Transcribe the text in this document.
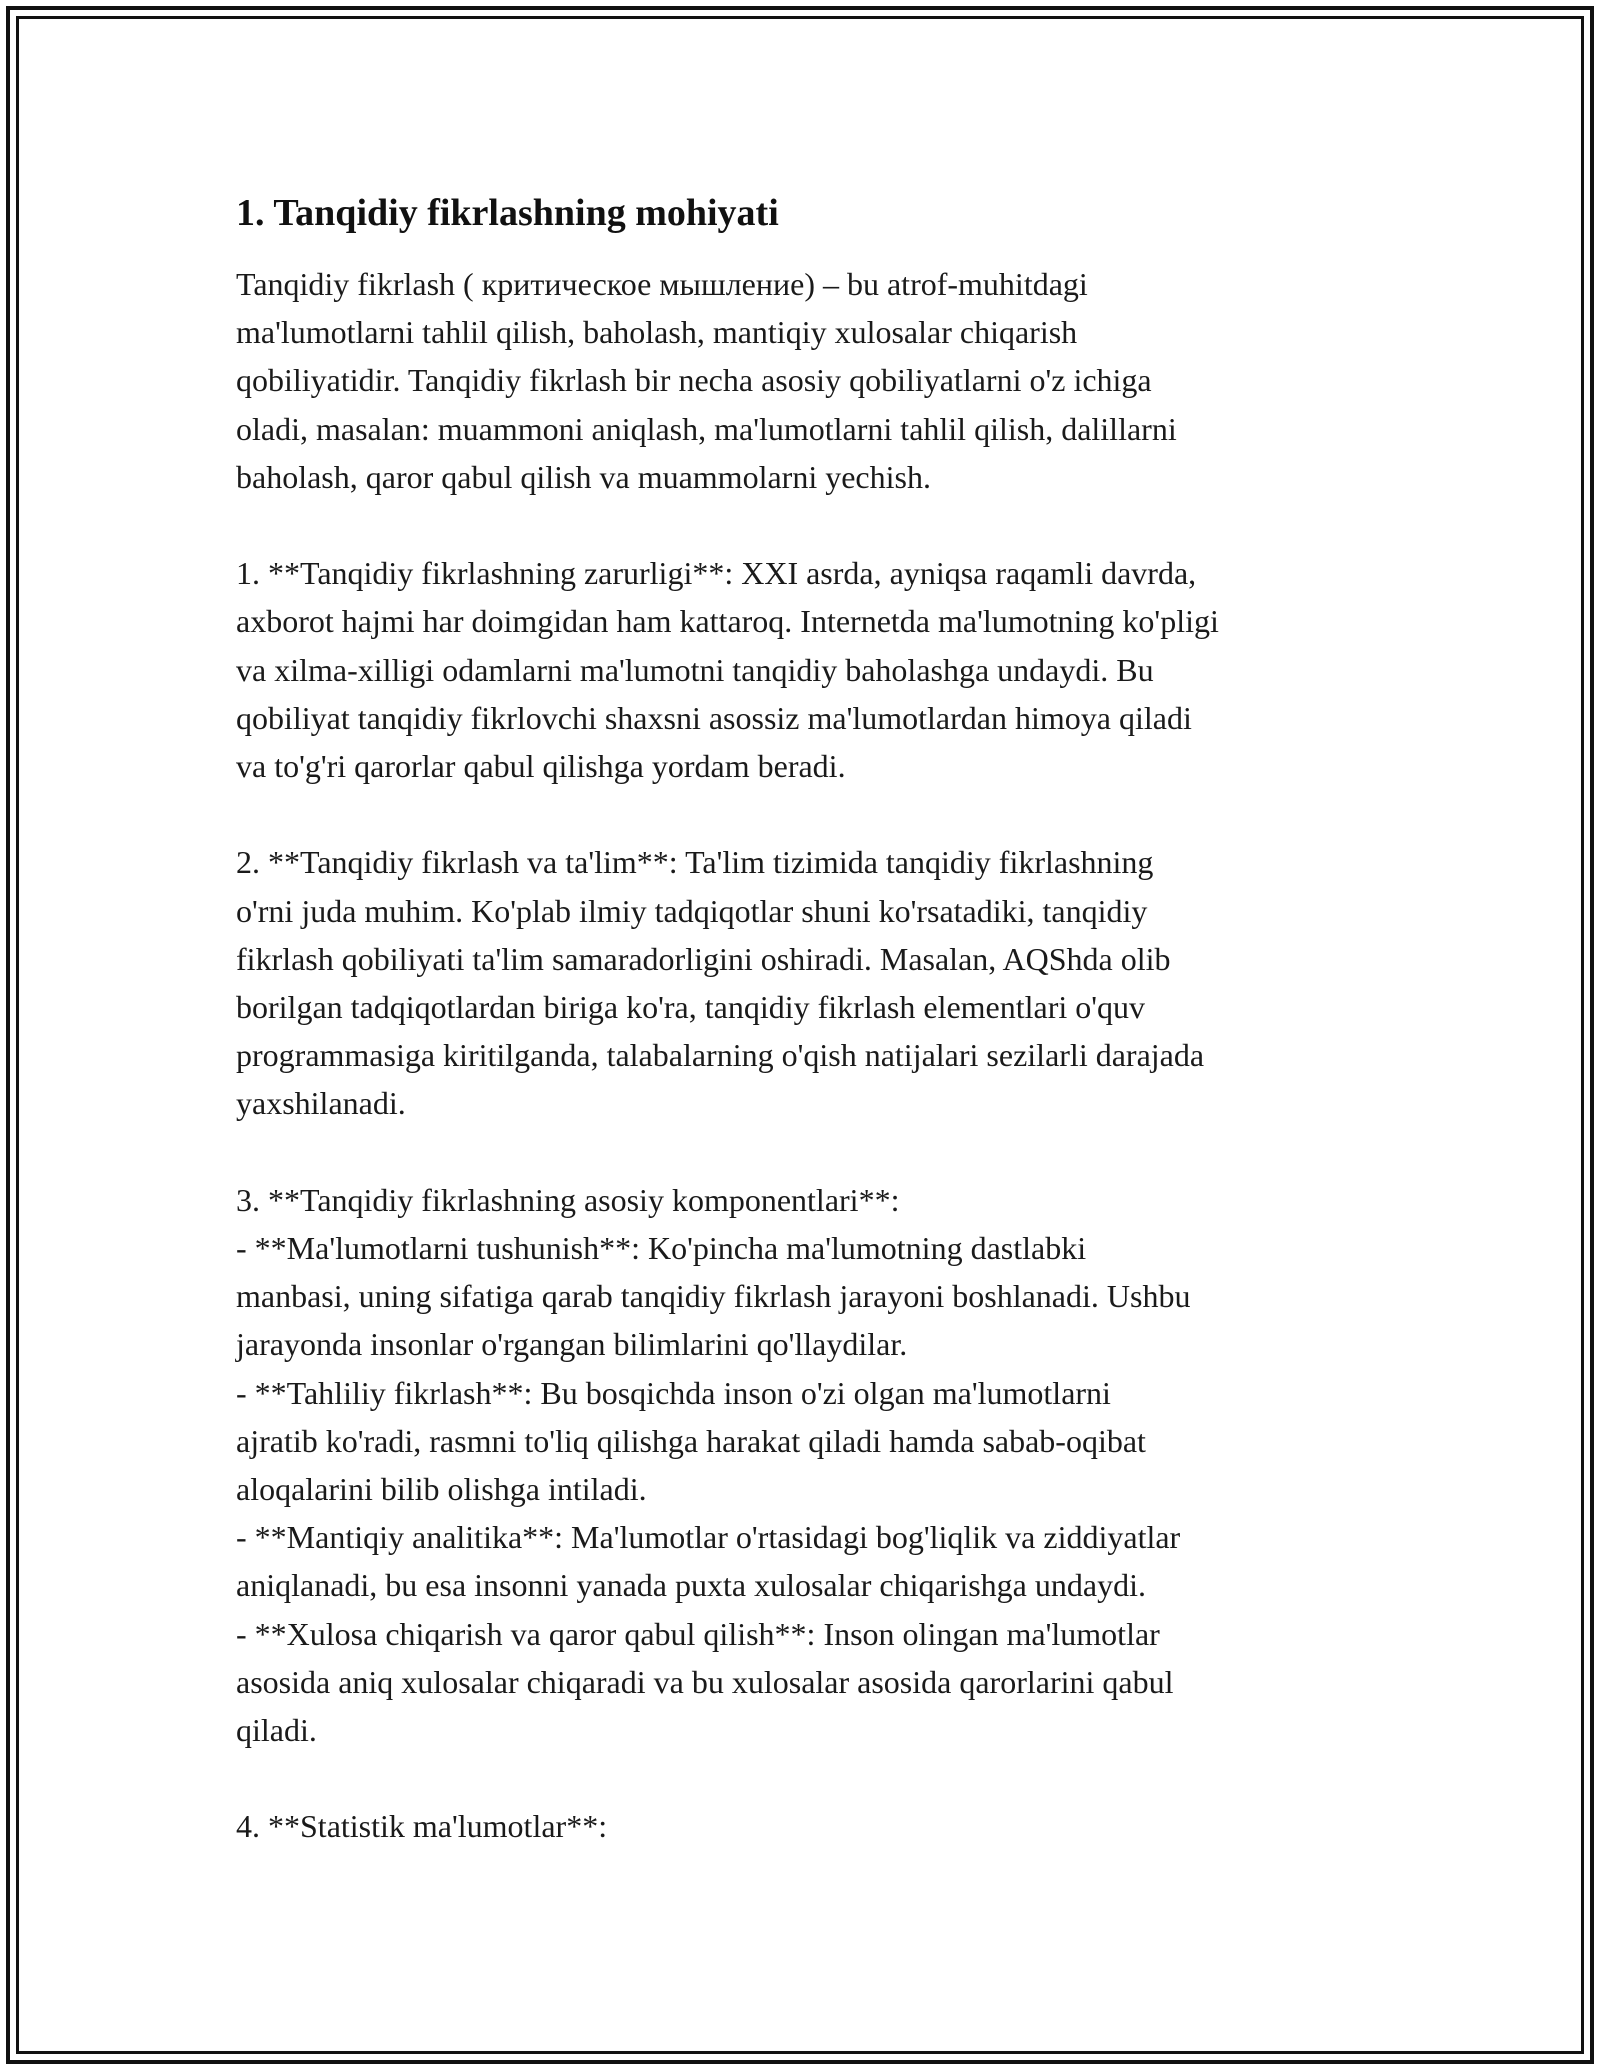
1. Tanqidiy fikrlashning mohiyati

Tanqidiy fikrlash ( критическое мышление) – bu atrof-muhitdagi
ma'lumotlarni tahlil qilish, baholash, mantiqiy xulosalar chiqarish
qobiliyatidir. Tanqidiy fikrlash bir necha asosiy qobiliyatlarni o'z ichiga
oladi, masalan: muammoni aniqlash, ma'lumotlarni tahlil qilish, dalillarni
baholash, qaror qabul qilish va muammolarni yechish.

1. **Tanqidiy fikrlashning zarurligi**: XXI asrda, ayniqsa raqamli davrda,
axborot hajmi har doimgidan ham kattaroq. Internetda ma'lumotning ko'pligi
va xilma-xilligi odamlarni ma'lumotni tanqidiy baholashga undaydi. Bu
qobiliyat tanqidiy fikrlovchi shaxsni asossiz ma'lumotlardan himoya qiladi
va to'g'ri qarorlar qabul qilishga yordam beradi.

2. **Tanqidiy fikrlash va ta'lim**: Ta'lim tizimida tanqidiy fikrlashning
o'rni juda muhim. Ko'plab ilmiy tadqiqotlar shuni ko'rsatadiki, tanqidiy
fikrlash qobiliyati ta'lim samaradorligini oshiradi. Masalan, AQShda olib
borilgan tadqiqotlardan biriga ko'ra, tanqidiy fikrlash elementlari o'quv
programmasiga kiritilganda, talabalarning o'qish natijalari sezilarli darajada
yaxshilanadi.

3. **Tanqidiy fikrlashning asosiy komponentlari**:
- **Ma'lumotlarni tushunish**: Ko'pincha ma'lumotning dastlabki
manbasi, uning sifatiga qarab tanqidiy fikrlash jarayoni boshlanadi. Ushbu
jarayonda insonlar o'rgangan bilimlarini qo'llaydilar.
- **Tahliliy fikrlash**: Bu bosqichda inson o'zi olgan ma'lumotlarni
ajratib ko'radi, rasmni to'liq qilishga harakat qiladi hamda sabab-oqibat
aloqalarini bilib olishga intiladi.
- **Mantiqiy analitika**: Ma'lumotlar o'rtasidagi bog'liqlik va ziddiyatlar
aniqlanadi, bu esa insonni yanada puxta xulosalar chiqarishga undaydi.
- **Xulosa chiqarish va qaror qabul qilish**: Inson olingan ma'lumotlar
asosida aniq xulosalar chiqaradi va bu xulosalar asosida qarorlarini qabul
qiladi.

4. **Statistik ma'lumotlar**:
